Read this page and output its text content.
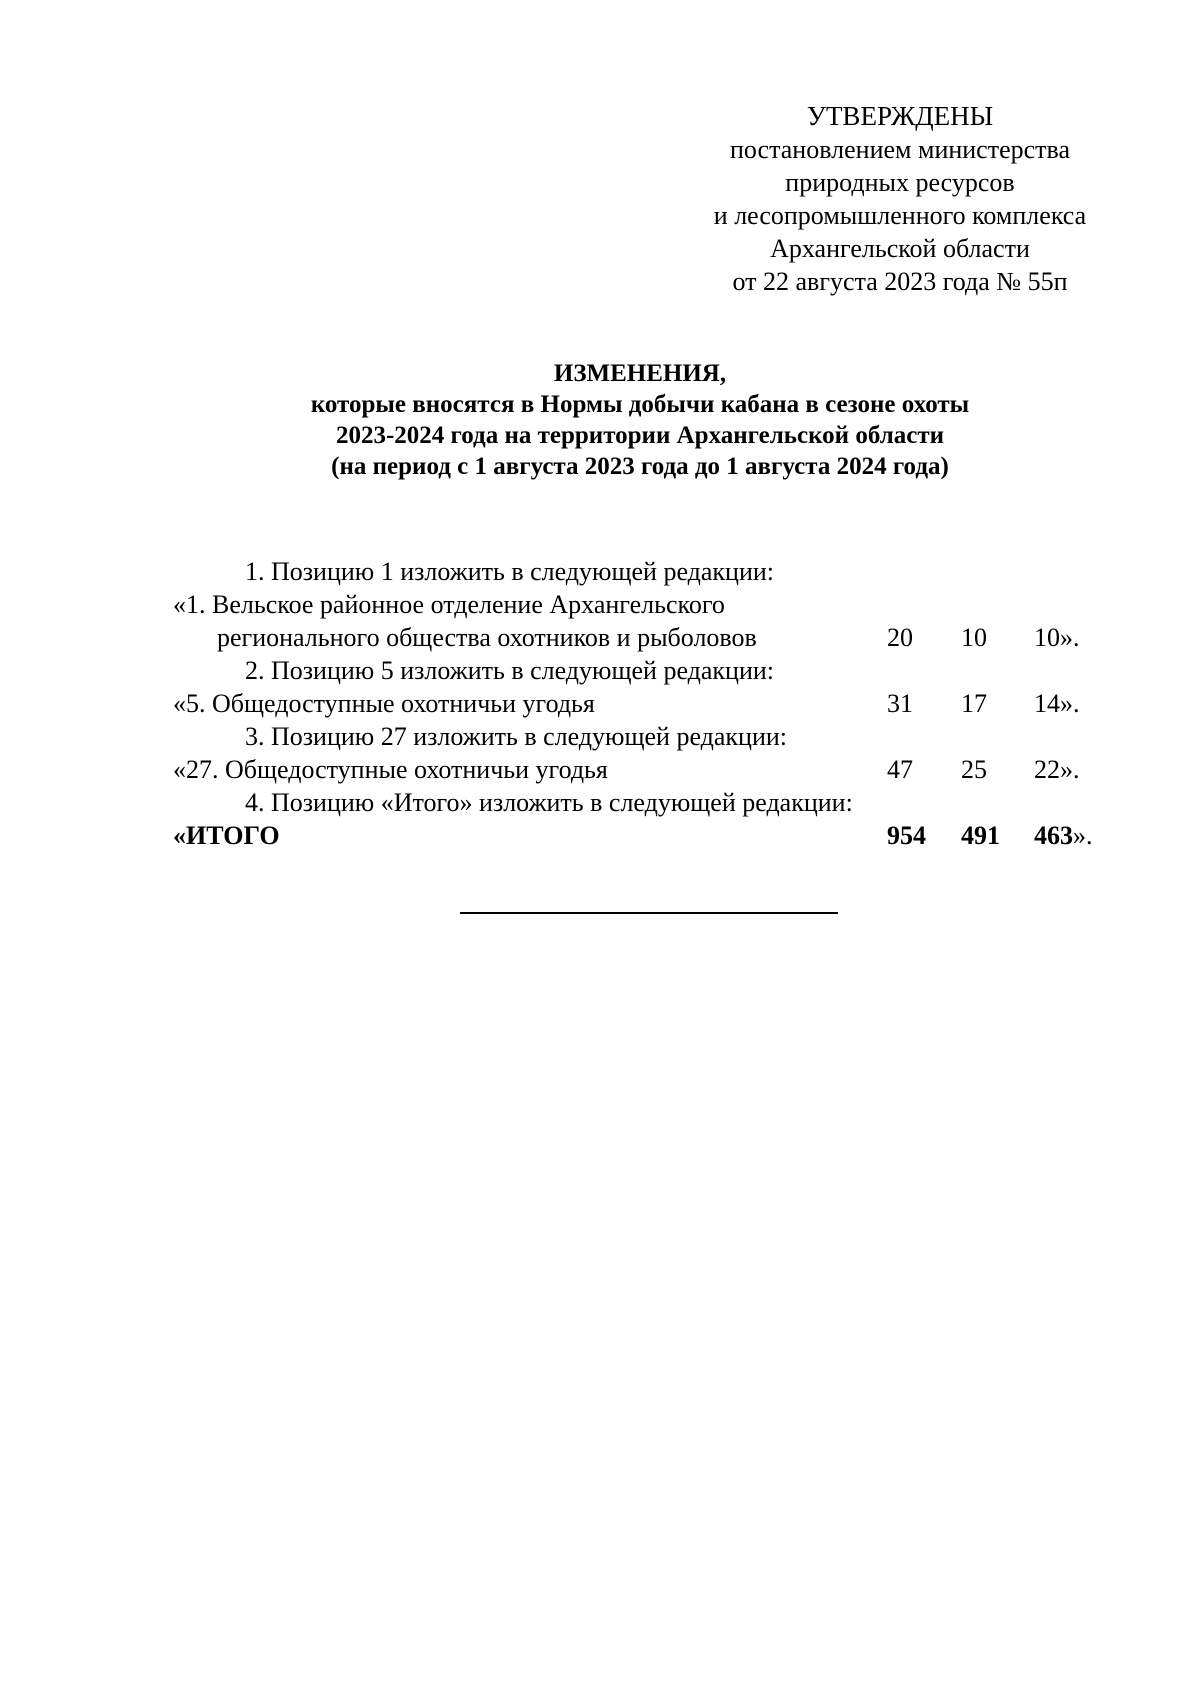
УТВЕРЖДЕНЫ
постановлением министерства
природных ресурсов
и лесопромышленного комплекса
Архангельской области
от 22 августа 2023 года № 55п
ИЗМЕНЕНИЯ,
которые вносятся в Нормы добычи кабана в сезоне охоты
2023-2024 года на территории Архангельской области
(на период с 1 августа 2023 года до 1 августа 2024 года)
1. Позицию 1 изложить в следующей редакции:
«1. Вельское районное отделение Архангельского
регионального общества охотников и рыболовов	20 10 10».
2. Позицию 5 изложить в следующей редакции:
«5. Общедоступные охотничьи угодья	31 17 14».
3. Позицию 27 изложить в следующей редакции:
«27. Общедоступные охотничьи угодья	47 25 22».
4. Позицию «Итого» изложить в следующей редакции:
«ИТОГО	954 491 463».
